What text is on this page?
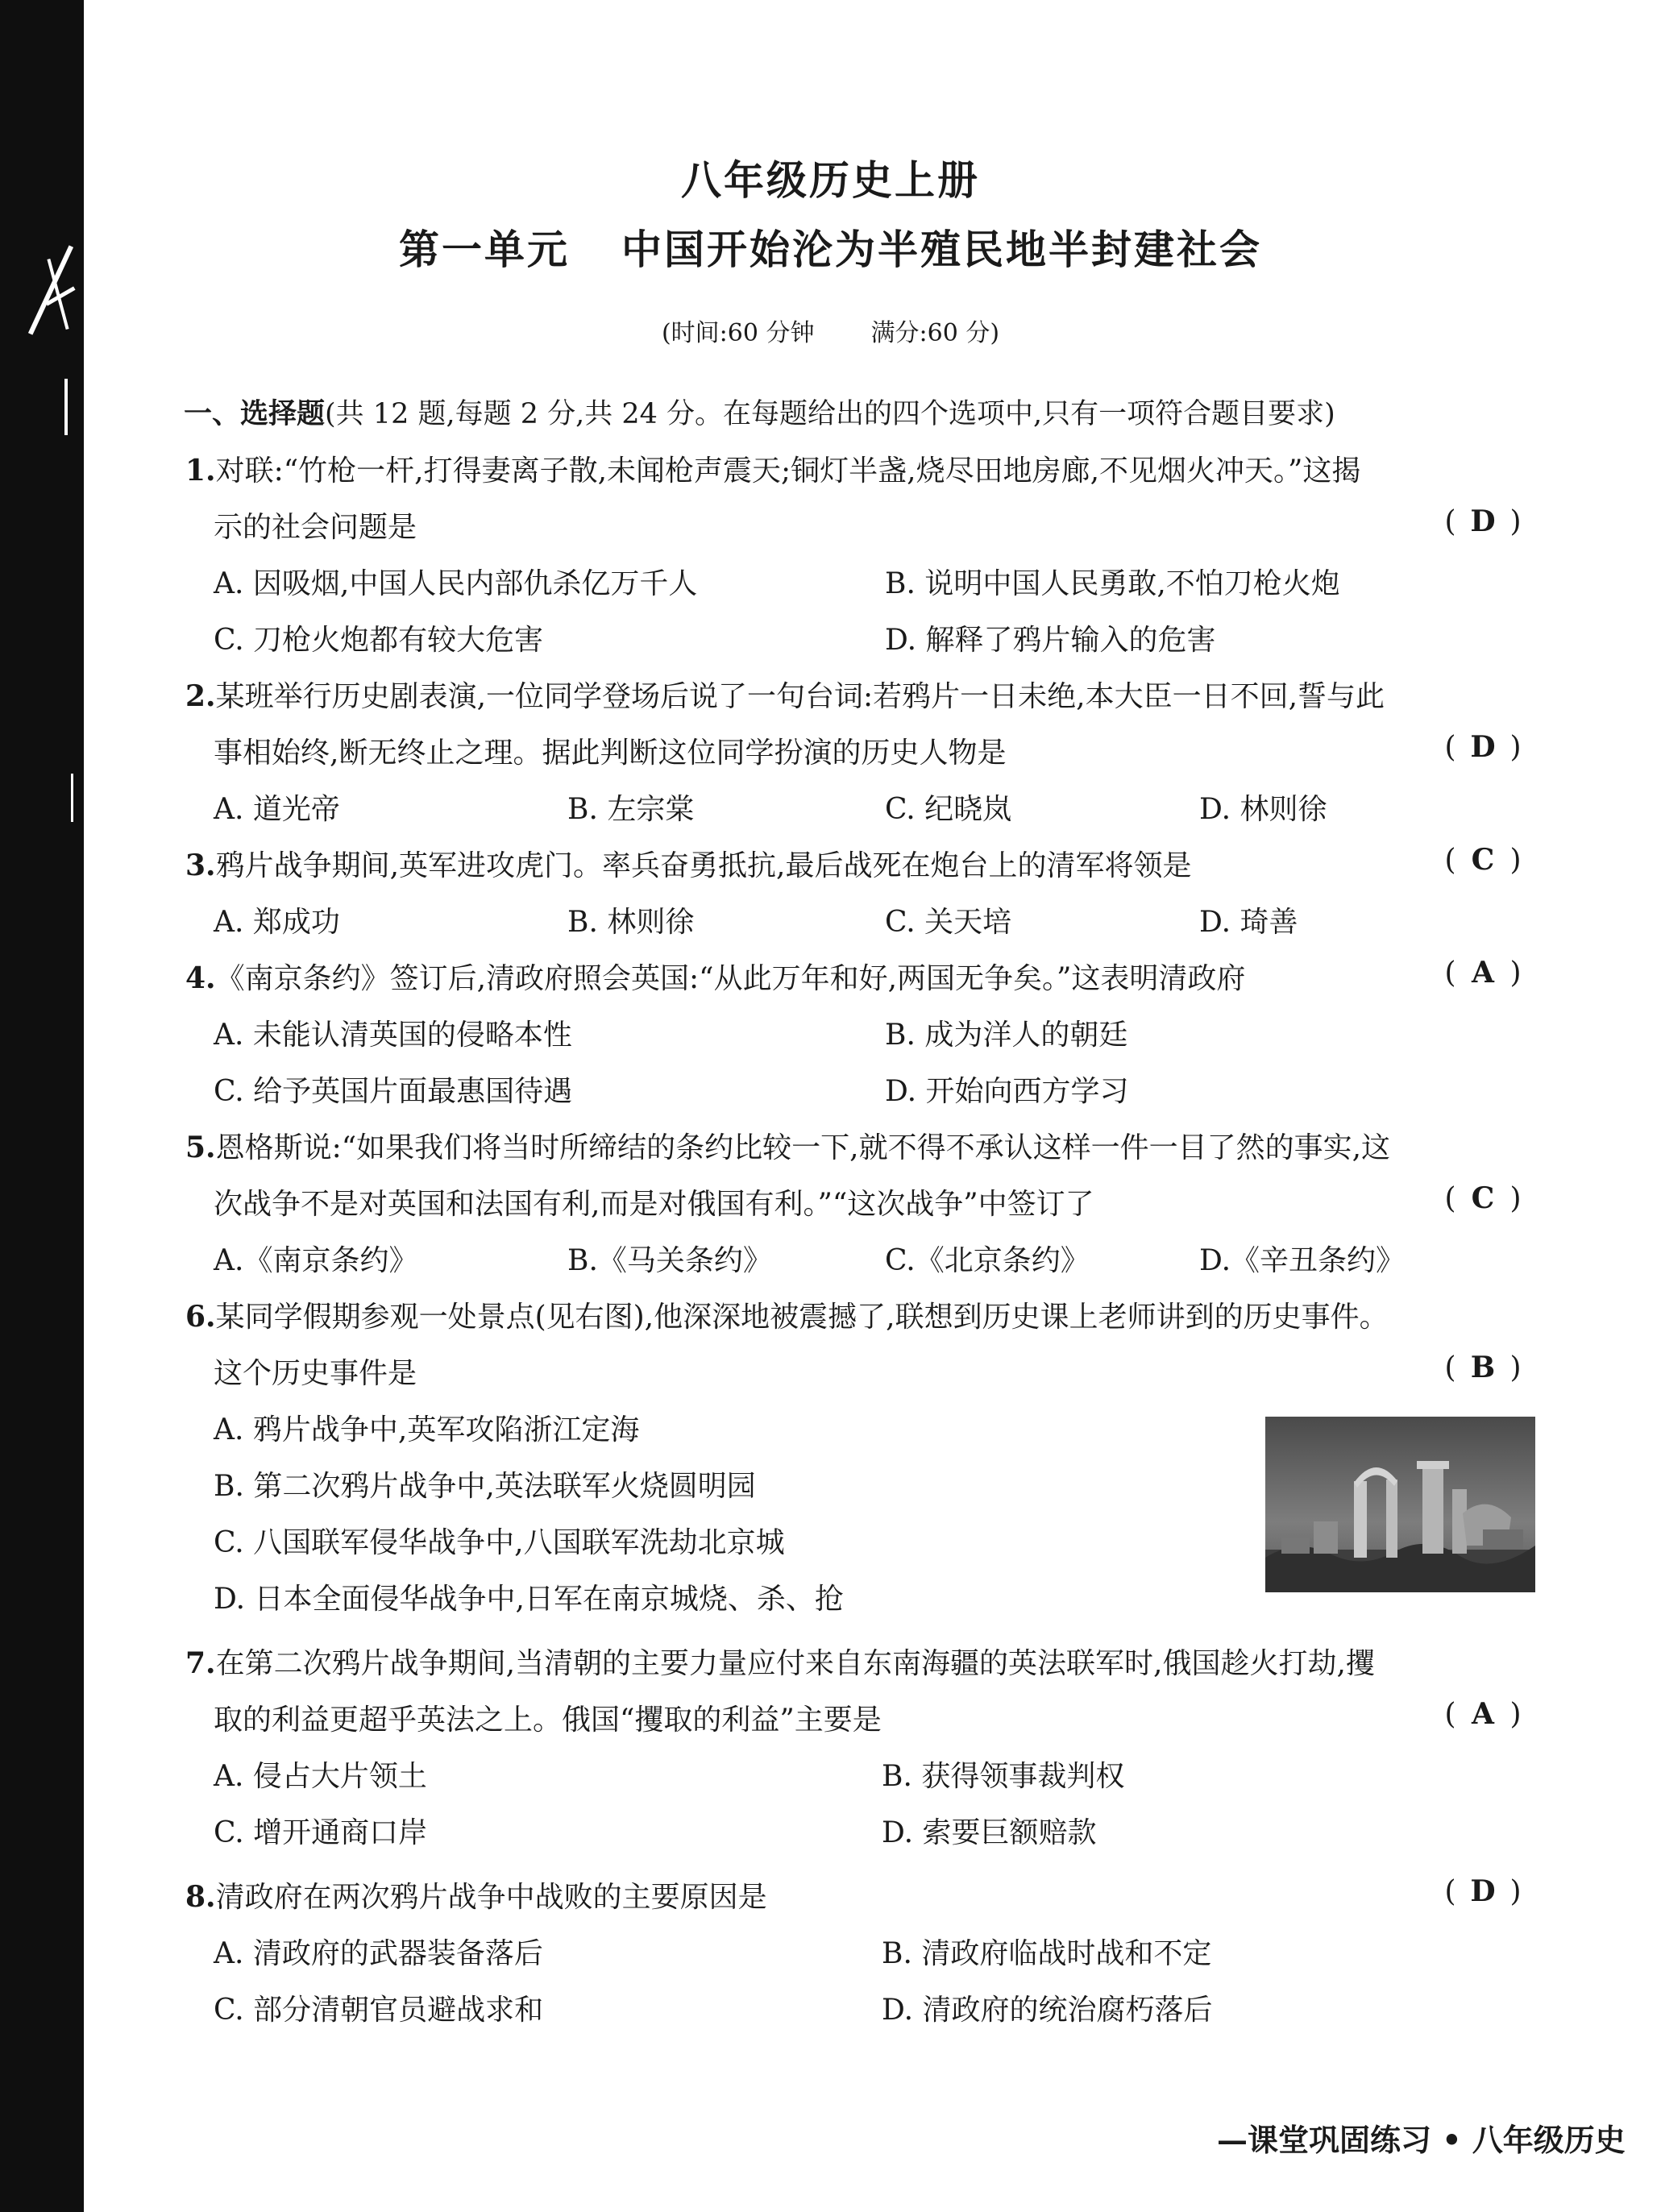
八年级历史上册
第一单元 中国开始沦为半殖民地半封建社会
(时间:60 分钟 满分:60 分)
一、选择题(共 12 题,每题 2 分,共 24 分。在每题给出的四个选项中,只有一项符合题目要求)
1.对联:“竹枪一杆,打得妻离子散,未闻枪声震天;铜灯半盏,烧尽田地房廊,不见烟火冲天。”这揭
示的社会问题是	( D )
A. 因吸烟,中国人民内部仇杀亿万千人	B. 说明中国人民勇敢,不怕刀枪火炮
C. 刀枪火炮都有较大危害	D. 解释了鸦片输入的危害
2.某班举行历史剧表演,一位同学登场后说了一句台词:若鸦片一日未绝,本大臣一日不回,誓与此
事相始终,断无终止之理。据此判断这位同学扮演的历史人物是	( D )
A. 道光帝	B. 左宗棠	C. 纪晓岚	D. 林则徐
3.鸦片战争期间,英军进攻虎门。率兵奋勇抵抗,最后战死在炮台上的清军将领是	( C )
A. 郑成功	B. 林则徐	C. 关天培	D. 琦善
4.《南京条约》签订后,清政府照会英国:“从此万年和好,两国无争矣。”这表明清政府	( A )
A. 未能认清英国的侵略本性	B. 成为洋人的朝廷
C. 给予英国片面最惠国待遇	D. 开始向西方学习
5.恩格斯说:“如果我们将当时所缔结的条约比较一下,就不得不承认这样一件一目了然的事实,这
次战争不是对英国和法国有利,而是对俄国有利。”“这次战争”中签订了	( C )
A.《南京条约》	B.《马关条约》	C.《北京条约》	D.《辛丑条约》
6.某同学假期参观一处景点(见右图),他深深地被震撼了,联想到历史课上老师讲到的历史事件。
这个历史事件是	( B )
A. 鸦片战争中,英军攻陷浙江定海
B. 第二次鸦片战争中,英法联军火烧圆明园
C. 八国联军侵华战争中,八国联军洗劫北京城
D. 日本全面侵华战争中,日军在南京城烧、杀、抢
7.在第二次鸦片战争期间,当清朝的主要力量应付来自东南海疆的英法联军时,俄国趁火打劫,攫
取的利益更超乎英法之上。俄国“攫取的利益”主要是	( A )
A. 侵占大片领土	B. 获得领事裁判权
C. 增开通商口岸	D. 索要巨额赔款
8.清政府在两次鸦片战争中战败的主要原因是	( D )
A. 清政府的武器装备落后	B. 清政府临战时战和不定
C. 部分清朝官员避战求和	D. 清政府的统治腐朽落后
—课堂巩固练习 • 八年级历史
